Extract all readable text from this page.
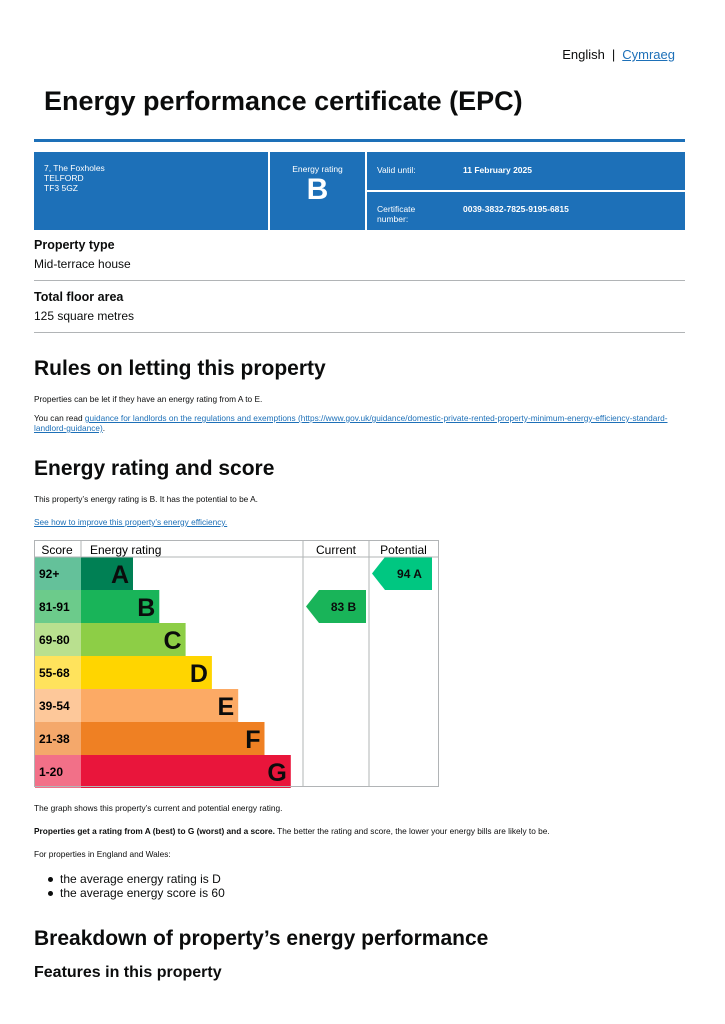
English | Cymraeg
Energy performance certificate (EPC)
7, The Foxholes
TELFORD
TF3 5GZ
Energy rating
B
Valid until:	11 February 2025
Certificate
number:
0039-3832-7825-9195-6815
Property type
Mid-terrace house
Total floor area
125 square metres
Rules on letting this property
Properties can be let if they have an energy rating from A to E.
You can read guidance for landlords on the regulations and exemptions (https://www.gov.uk/guidance/domestic-private-rented-property-minimum-energy-efficiency-standard-landlord-guidance).
Energy rating and score
This property’s energy rating is B. It has the potential to be A.
See how to improve this property’s energy efficiency.
Score Energy rating	Current Potential
92+ A
81-91	B
69-80	C
55-68	D
39-54	E
21-38	F
1-20	G
83 B
94 A
The graph shows this property’s current and potential energy rating.
Properties get a rating from A (best) to G (worst) and a score. The better the rating and score, the lower your energy bills are likely to be.
For properties in England and Wales:
the average energy rating is D
the average energy score is 60
Breakdown of property’s energy performance
Features in this property
